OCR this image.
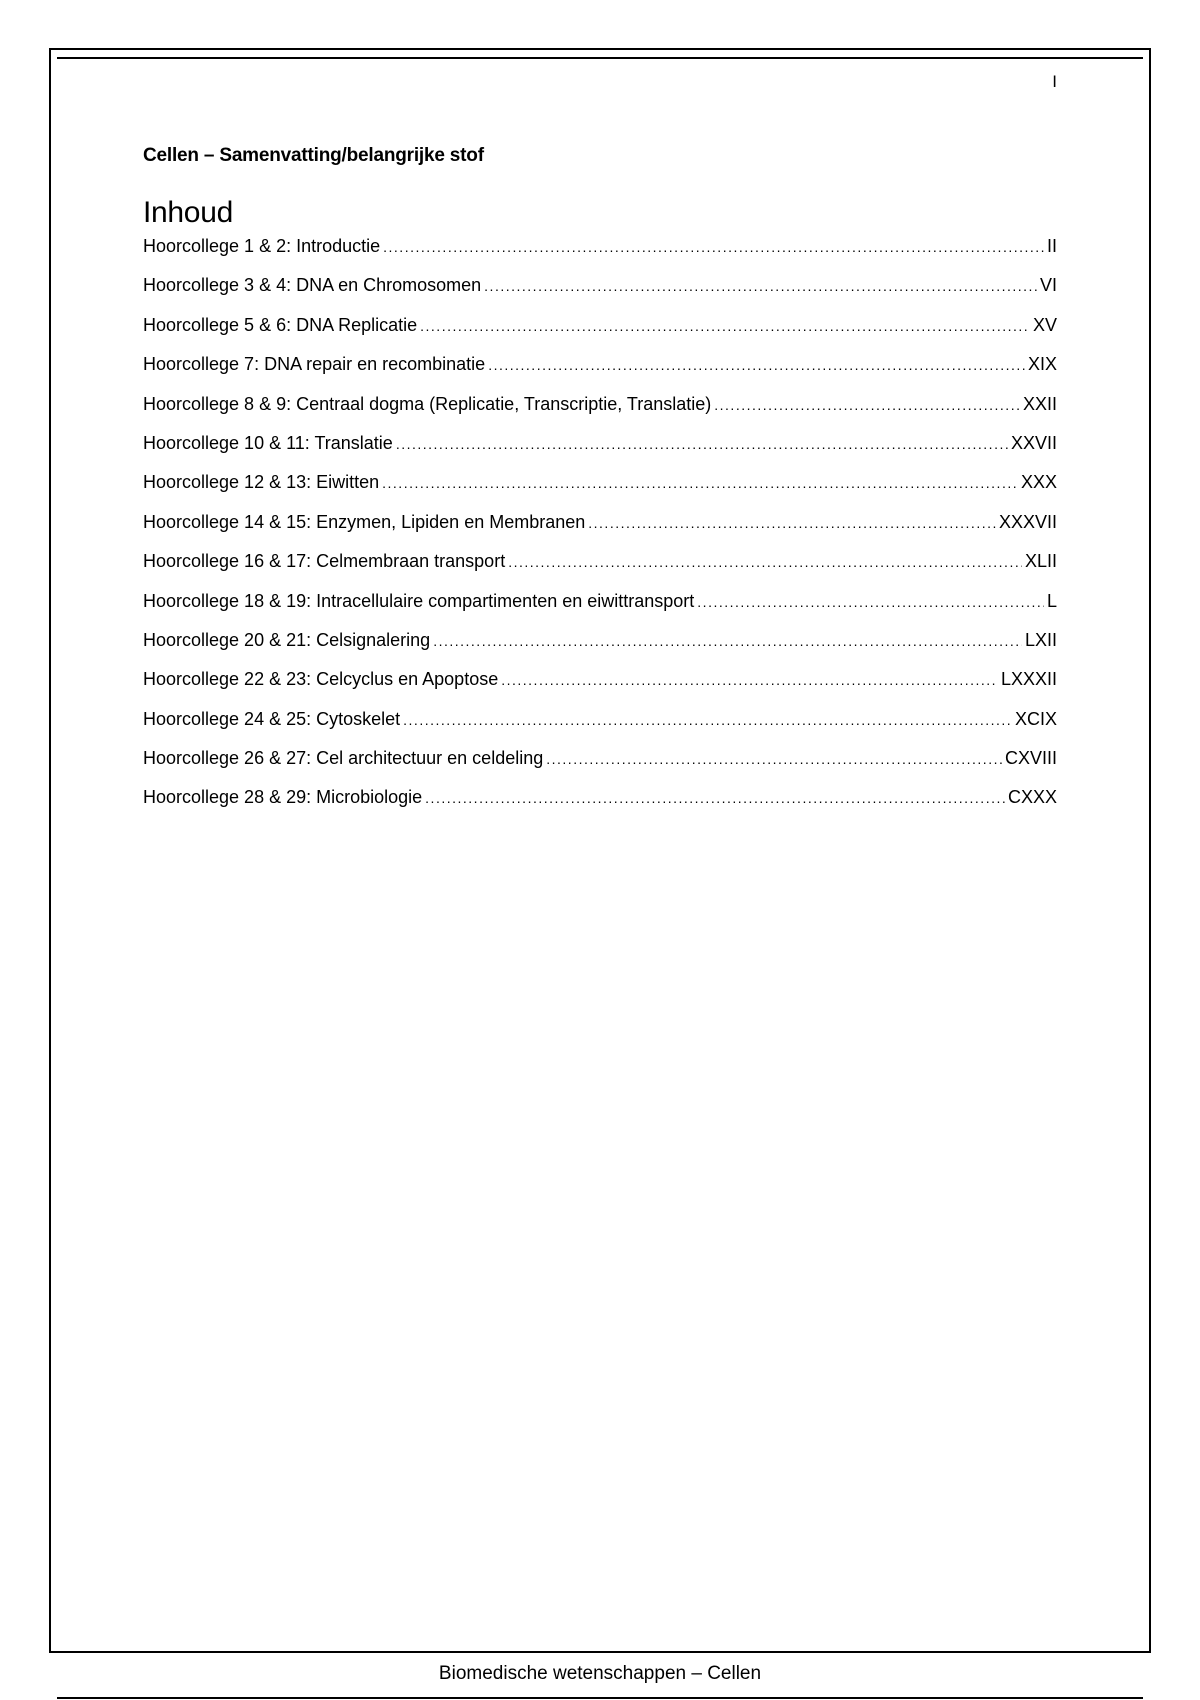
I
Cellen – Samenvatting/belangrijke stof
Inhoud
Hoorcollege 1 & 2: Introductie .....	II
Hoorcollege 3 & 4: DNA en Chromosomen .....	VI
Hoorcollege 5 & 6: DNA Replicatie .....	XV
Hoorcollege 7: DNA repair en recombinatie .....	XIX
Hoorcollege 8 & 9: Centraal dogma (Replicatie, Transcriptie, Translatie) .....	XXII
Hoorcollege 10 & 11: Translatie .....	XXVII
Hoorcollege 12 & 13: Eiwitten .....	XXX
Hoorcollege 14 & 15: Enzymen, Lipiden en Membranen .....	XXXVII
Hoorcollege 16 & 17: Celmembraan transport .....	XLII
Hoorcollege 18 & 19: Intracellulaire compartimenten en eiwittransport .....	L
Hoorcollege 20 & 21: Celsignalering .....	LXII
Hoorcollege 22 & 23: Celcyclus en Apoptose .....	LXXXII
Hoorcollege 24 & 25: Cytoskelet .....	XCIX
Hoorcollege 26 & 27: Cel architectuur en celdeling .....	CXVIII
Hoorcollege 28 & 29: Microbiologie .....	CXXX
Biomedische wetenschappen – Cellen
